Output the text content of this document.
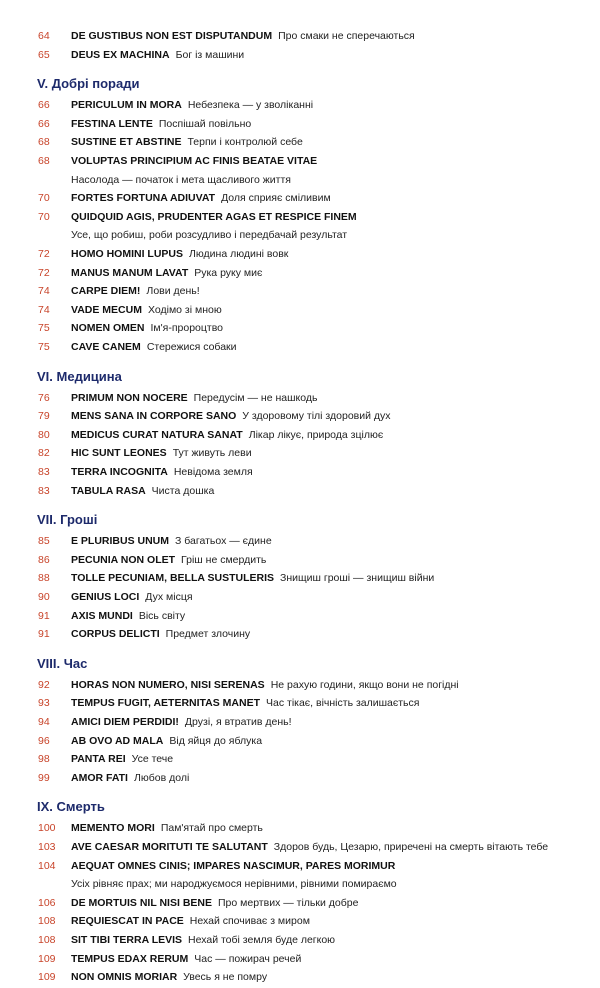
64 DE GUSTIBUS NON EST DISPUTANDUM Про смаки не сперечаються
65 DEUS EX MACHINA Бог із машини
V. Добрі поради
66 PERICULUM IN MORA Небезпека — у зволіканні
66 FESTINA LENTE Поспішай повільно
68 SUSTINE ET ABSTINE Терпи і контролюй себе
68 VOLUPTAS PRINCIPIUM AC FINIS BEATAE VITAE
Насолода — початок і мета щасливого життя
70 FORTES FORTUNA ADIUVAT Доля сприяє сміливим
70 QUIDQUID AGIS, PRUDENTER AGAS ET RESPICE FINEM
Усе, що робиш, роби розсудливо і передбачай результат
72 HOMO HOMINI LUPUS Людина людині вовк
72 MANUS MANUM LAVAT Рука руку миє
74 CARPE DIEM! Лови день!
74 VADE MECUM Ходімо зі мною
75 NOMEN OMEN Ім'я-пророцтво
75 CAVE CANEM Стережися собаки
VI. Медицина
76 PRIMUM NON NOCERE Передусім — не нашкодь
79 MENS SANA IN CORPORE SANO У здоровому тілі здоровий дух
80 MEDICUS CURAT NATURA SANAT Лікар лікує, природа зцілює
82 HIC SUNT LEONES Тут живуть леви
83 TERRA INCOGNITA Невідома земля
83 TABULA RASA Чиста дошка
VII. Гроші
85 E PLURIBUS UNUM З багатьох — єдине
86 PECUNIA NON OLET Гріш не смердить
88 TOLLE PECUNIAM, BELLA SUSTULERIS Знищиш гроші — знищиш війни
90 GENIUS LOCI Дух місця
91 AXIS MUNDI Вісь світу
91 CORPUS DELICTI Предмет злочину
VIII. Час
92 HORAS NON NUMERO, NISI SERENAS Не рахую години, якщо вони не погідні
93 TEMPUS FUGIT, AETERNITAS MANET Час тікає, вічність залишається
94 AMICI DIEM PERDIDI! Друзі, я втратив день!
96 AB OVO AD MALA Від яйця до яблука
98 PANTA REI Усе тече
99 AMOR FATI Любов долі
IX. Смерть
100 MEMENTO MORI Пам'ятай про смерть
103 AVE CAESAR MORITUTI TE SALUTANT Здоров будь, Цезарю, приречені на смерть вітають тебе
104 AEQUAT OMNES CINIS; IMPARES NASCIMUR, PARES MORIMUR
Усіх рівняє прах; ми народжуємося нерівними, рівними помираємо
106 DE MORTUIS NIL NISI BENE Про мертвих — тільки добре
108 REQUIESCAT IN PACE Нехай спочиває з миром
108 SIT TIBI TERRA LEVIS Нехай тобі земля буде легкою
109 TEMPUS EDAX RERUM Час — пожирач речей
109 NON OMNIS MORIAR Увесь я не помру
